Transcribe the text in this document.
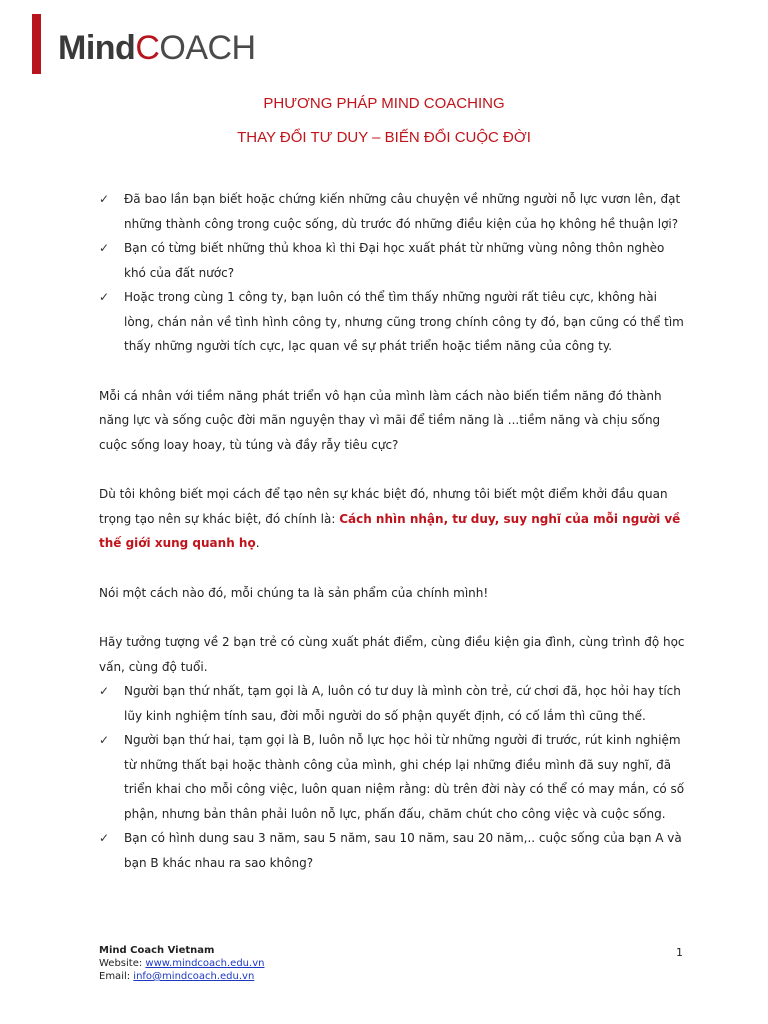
MindCOACH
PHƯƠNG PHÁP MIND COACHING
THAY ĐỔI TƯ DUY – BIẾN ĐỔI CUỘC ĐỜI
✓ Đã bao lần bạn biết hoặc chứng kiến những câu chuyện về những người nỗ lực vươn lên, đạt những thành công trong cuộc sống, dù trước đó những điều kiện của họ không hề thuận lợi?
✓ Bạn có từng biết những thủ khoa kì thi Đại học xuất phát từ những vùng nông thôn nghèo khó của đất nước?
✓ Hoặc trong cùng 1 công ty, bạn luôn có thể tìm thấy những người rất tiêu cực, không hài lòng, chán nản về tình hình công ty, nhưng cũng trong chính công ty đó, bạn cũng có thể tìm thấy những người tích cực, lạc quan về sự phát triển hoặc tiềm năng của công ty.

Mỗi cá nhân với tiềm năng phát triển vô hạn của mình làm cách nào biến tiềm năng đó thành năng lực và sống cuộc đời mãn nguyện thay vì mãi để tiềm năng là ...tiềm năng và chịu sống cuộc sống loay hoay, tù túng và đầy rẫy tiêu cực?

Dù tôi không biết mọi cách để tạo nên sự khác biệt đó, nhưng tôi biết một điểm khởi đầu quan trọng tạo nên sự khác biệt, đó chính là: Cách nhìn nhận, tư duy, suy nghĩ của mỗi người về thế giới xung quanh họ.

Nói một cách nào đó, mỗi chúng ta là sản phẩm của chính mình!

Hãy tưởng tượng về 2 bạn trẻ có cùng xuất phát điểm, cùng điều kiện gia đình, cùng trình độ học vấn, cùng độ tuổi.

✓ Người bạn thứ nhất, tạm gọi là A, luôn có tư duy là mình còn trẻ, cứ chơi đã, học hỏi hay tích lũy kinh nghiệm tính sau, đời mỗi người do số phận quyết định, có cố lắm thì cũng thế.
✓ Người bạn thứ hai, tạm gọi là B, luôn nỗ lực học hỏi từ những người đi trước, rút kinh nghiệm từ những thất bại hoặc thành công của mình, ghi chép lại những điều mình đã suy nghĩ, đã triển khai cho mỗi công việc, luôn quan niệm rằng: dù trên đời này có thể có may mắn, có số phận, nhưng bản thân phải luôn nỗ lực, phấn đấu, chăm chút cho công việc và cuộc sống.
✓ Bạn có hình dung sau 3 năm, sau 5 năm, sau 10 năm, sau 20 năm,.. cuộc sống của bạn A và bạn B khác nhau ra sao không?
Mind Coach Vietnam
Website: www.mindcoach.edu.vn
Email: info@mindcoach.edu.vn
1
